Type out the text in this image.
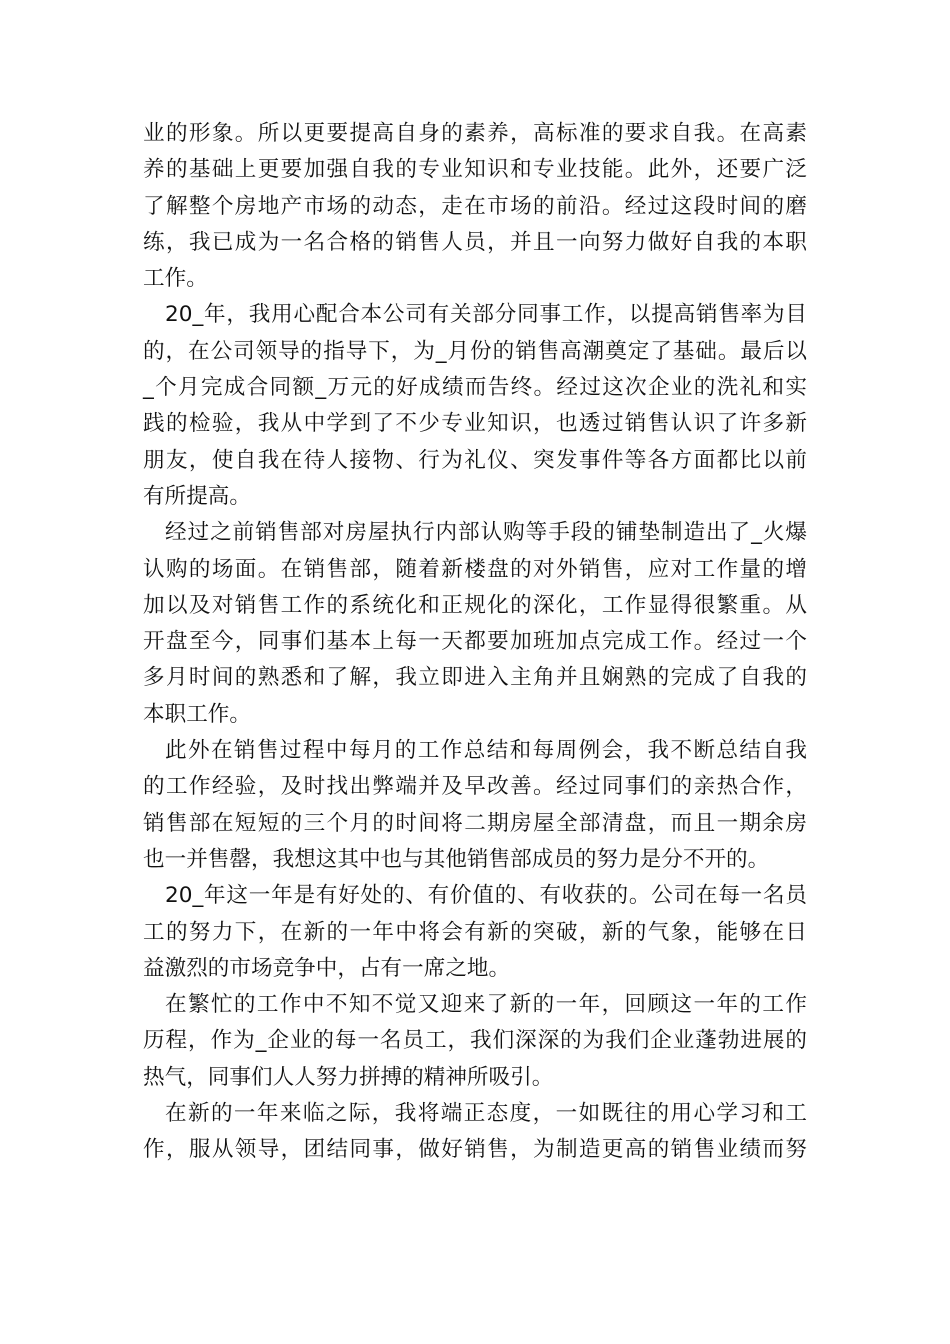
业的形象。所以更要提高自身的素养，高标准的要求自我。在高素
养的基础上更要加强自我的专业知识和专业技能。此外，还要广泛
了解整个房地产市场的动态，走在市场的前沿。经过这段时间的磨
练，我已成为一名合格的销售人员，并且一向努力做好自我的本职
工作。

20_年，我用心配合本公司有关部分同事工作，以提高销售率为目
的，在公司领导的指导下，为_月份的销售高潮奠定了基础。最后以
_个月完成合同额_万元的好成绩而告终。经过这次企业的洗礼和实
践的检验，我从中学到了不少专业知识，也透过销售认识了许多新
朋友，使自我在待人接物、行为礼仪、突发事件等各方面都比以前
有所提高。

经过之前销售部对房屋执行内部认购等手段的铺垫制造出了_火爆
认购的场面。在销售部，随着新楼盘的对外销售，应对工作量的增
加以及对销售工作的系统化和正规化的深化，工作显得很繁重。从
开盘至今，同事们基本上每一天都要加班加点完成工作。经过一个
多月时间的熟悉和了解，我立即进入主角并且娴熟的完成了自我的
本职工作。

此外在销售过程中每月的工作总结和每周例会，我不断总结自我
的工作经验，及时找出弊端并及早改善。经过同事们的亲热合作，
销售部在短短的三个月的时间将二期房屋全部清盘，而且一期余房
也一并售罄，我想这其中也与其他销售部成员的努力是分不开的。

20_年这一年是有好处的、有价值的、有收获的。公司在每一名员
工的努力下，在新的一年中将会有新的突破，新的气象，能够在日
益激烈的市场竞争中，占有一席之地。

在繁忙的工作中不知不觉又迎来了新的一年，回顾这一年的工作
历程，作为_企业的每一名员工，我们深深的为我们企业蓬勃进展的
热气，同事们人人努力拼搏的精神所吸引。

在新的一年来临之际，我将端正态度，一如既往的用心学习和工
作，服从领导，团结同事，做好销售，为制造更高的销售业绩而努
